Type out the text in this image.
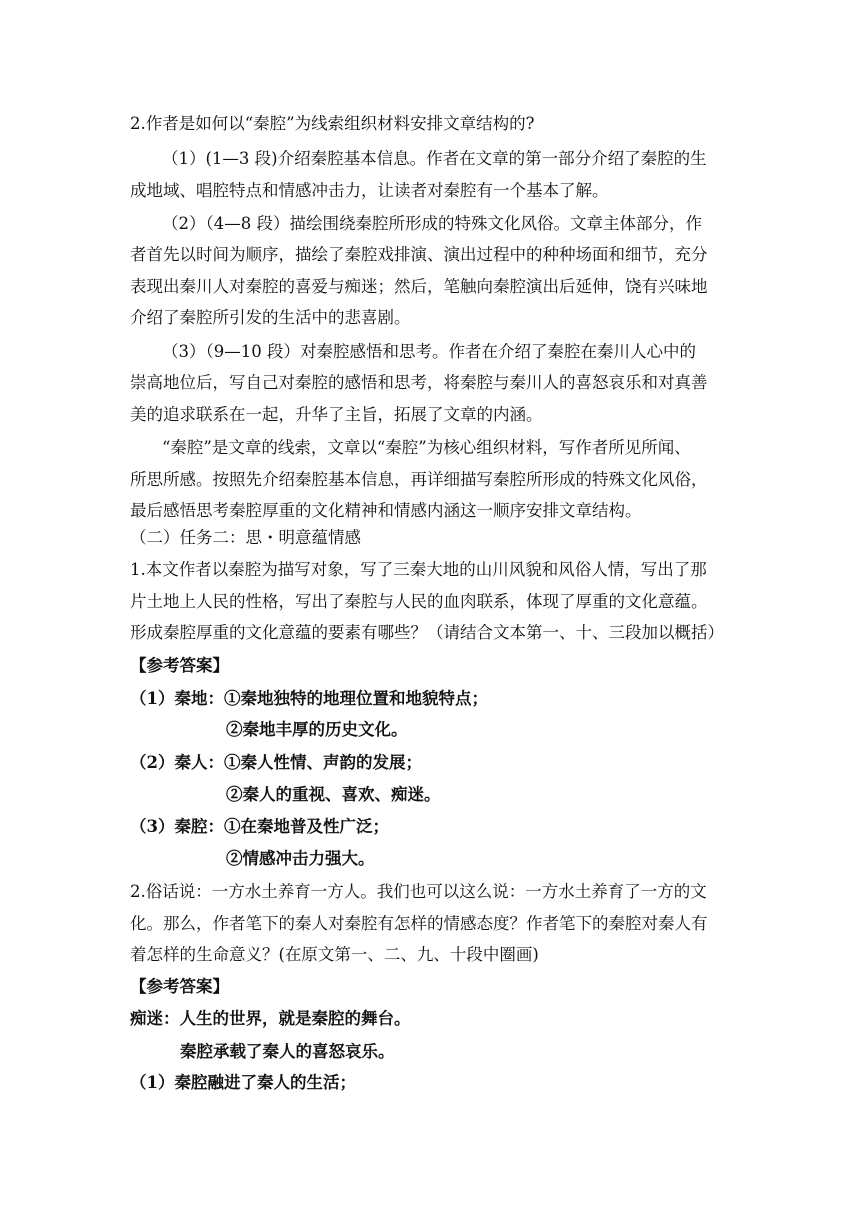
2.作者是如何以“秦腔”为线索组织材料安排文章结构的?
（1）(1—3 段)介绍秦腔基本信息。作者在文章的第一部分介绍了秦腔的生
成地域、唱腔特点和情感冲击力，让读者对秦腔有一个基本了解。
（2）（4—8 段）描绘围绕秦腔所形成的特殊文化风俗。文章主体部分，作
者首先以时间为顺序，描绘了秦腔戏排演、演出过程中的种种场面和细节，充分
表现出秦川人对秦腔的喜爱与痴迷；然后，笔触向秦腔演出后延伸，饶有兴味地
介绍了秦腔所引发的生活中的悲喜剧。
（3）（9—10 段）对秦腔感悟和思考。作者在介绍了秦腔在秦川人心中的
崇高地位后，写自己对秦腔的感悟和思考，将秦腔与秦川人的喜怒哀乐和对真善
美的追求联系在一起，升华了主旨，拓展了文章的内涵。
“秦腔”是文章的线索，文章以“秦腔”为核心组织材料，写作者所见所闻、
所思所感。按照先介绍秦腔基本信息，再详细描写秦腔所形成的特殊文化风俗，
最后感悟思考秦腔厚重的文化精神和情感内涵这一顺序安排文章结构。
（二）任务二：思・明意蕴情感
1.本文作者以秦腔为描写对象，写了三秦大地的山川风貌和风俗人情，写出了那
片土地上人民的性格，写出了秦腔与人民的血肉联系，体现了厚重的文化意蕴。
形成秦腔厚重的文化意蕴的要素有哪些？（请结合文本第一、十、三段加以概括）
【参考答案】
（1）秦地：①秦地独特的地理位置和地貌特点；
②秦地丰厚的历史文化。
（2）秦人：①秦人性情、声韵的发展；
②秦人的重视、喜欢、痴迷。
（3）秦腔：①在秦地普及性广泛；
②情感冲击力强大。
2.俗话说：一方水土养育一方人。我们也可以这么说：一方水土养育了一方的文
化。那么，作者笔下的秦人对秦腔有怎样的情感态度？作者笔下的秦腔对秦人有
着怎样的生命意义？(在原文第一、二、九、十段中圈画)
【参考答案】
痴迷：人生的世界，就是秦腔的舞台。
秦腔承载了秦人的喜怒哀乐。
（1）秦腔融进了秦人的生活；
